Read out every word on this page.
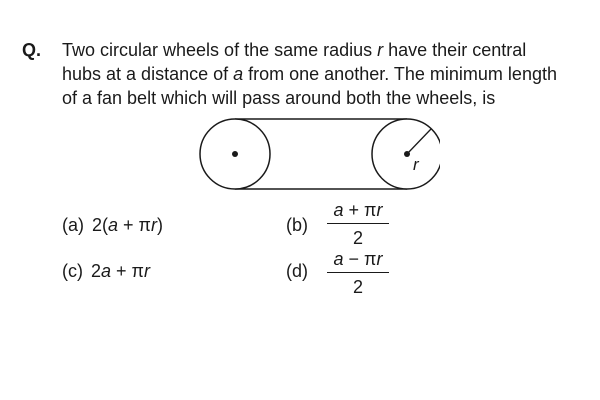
Q. Two circular wheels of the same radius r have their central
hubs at a distance of a from one another. The minimum length
of a fan belt which will pass around both the wheels, is
r
(a) 2(a + πr)	$(b) \frac{a + \pi r}{2}$
(c) 2a + πr	$(d) \frac{a - \pi r}{2}$
